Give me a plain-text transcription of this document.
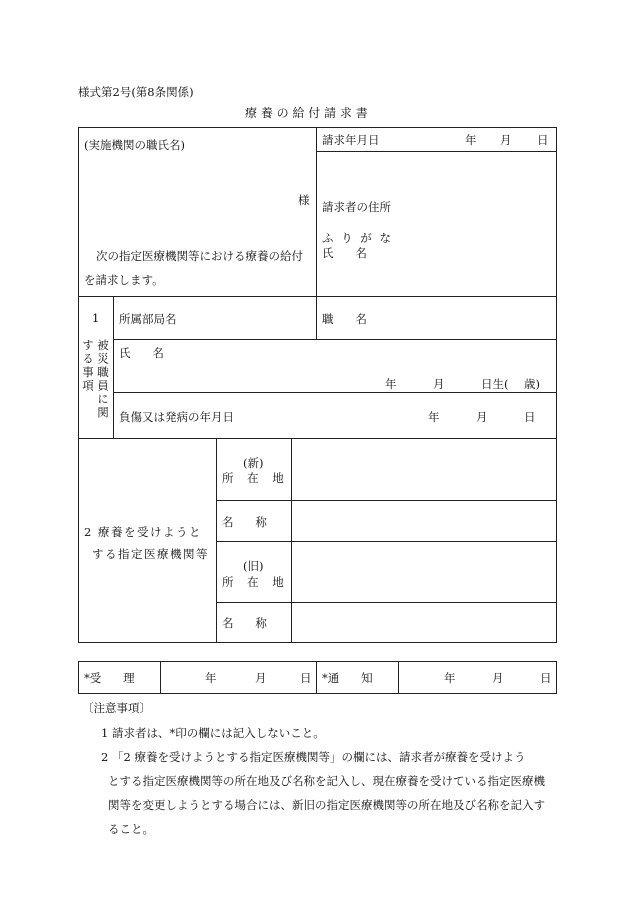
様式第2号(第8条関係)
療 養 の 給 付 請 求 書
(実施機関の職氏名)
様
次の指定医療機関等における療養の給付
を請求します。
請求年月日	年 月 日
請求者の住所
ふ り が な
氏      名
1
被災職員に関する事項
所属部局名	職      名
氏      名
年	月	日生( 歳)
負傷又は発病の年月日	年	月	日
2 療養を受けようと
する指定医療機関等
(新)
所 在 地
名      称
(旧)
所 在 地
名      称
*受      理	年	月	日 *通      知	年	月	日
〔注意事項〕
1 請求者は、*印の欄には記入しないこと。
2 「2 療養を受けようとする指定医療機関等」の欄には、請求者が療養を受けよう
とする指定医療機関等の所在地及び名称を記入し、現在療養を受けている指定医療機
関等を変更しようとする場合には、新旧の指定医療機関等の所在地及び名称を記入す
ること。
